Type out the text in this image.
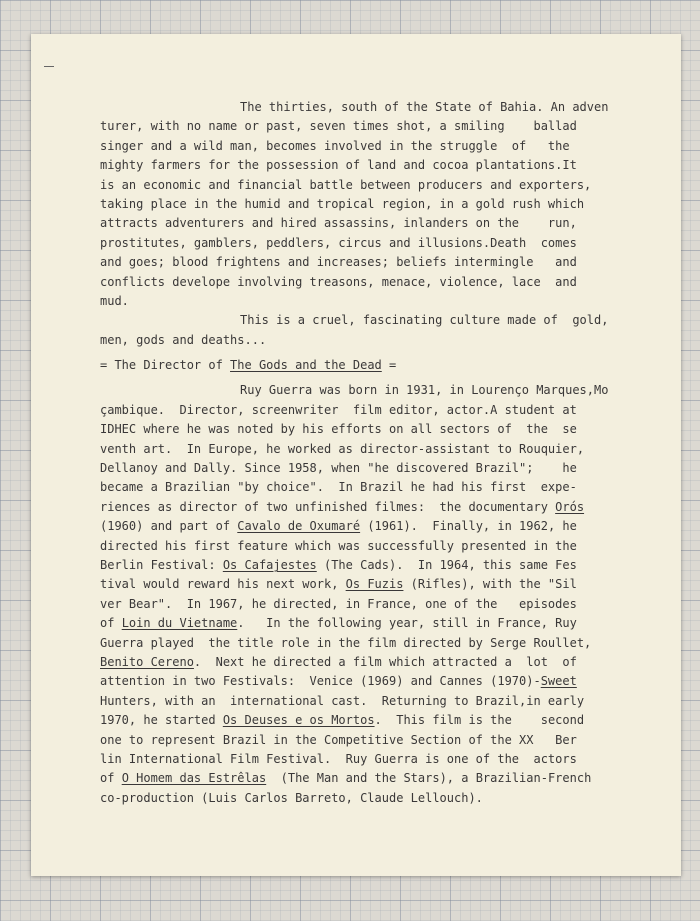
The thirties, south of the State of Bahia. An adven
turer, with no name or past, seven times shot, a smiling    ballad
singer and a wild man, becomes involved in the struggle  of   the
mighty farmers for the possession of land and cocoa plantations.It
is an economic and financial battle between producers and exporters,
taking place in the humid and tropical region, in a gold rush which
attracts adventurers and hired assassins, inlanders on the    run,
prostitutes, gamblers, peddlers, circus and illusions.Death  comes
and goes; blood frightens and increases; beliefs intermingle   and
conflicts develope involving treasons, menace, violence, lace  and
mud.
This is a cruel, fascinating culture made of  gold,
men, gods and deaths...
= The Director of The Gods and the Dead =
Ruy Guerra was born in 1931, in Lourenço Marques,Mo
çambique.  Director, screenwriter  film editor, actor.A student at
IDHEC where he was noted by his efforts on all sectors of  the  se
venth art.  In Europe, he worked as director-assistant to Rouquier,
Dellanoy and Dally. Since 1958, when "he discovered Brazil";    he
became a Brazilian "by choice".  In Brazil he had his first  expe-
riences as director of two unfinished filmes:  the documentary Orós
(1960) and part of Cavalo de Oxumaré (1961).  Finally, in 1962, he
directed his first feature which was successfully presented in the
Berlin Festival: Os Cafajestes (The Cads).  In 1964, this same Fes
tival would reward his next work, Os Fuzis (Rifles), with the "Sil
ver Bear".  In 1967, he directed, in France, one of the   episodes
of Loin du Vietname.   In the following year, still in France, Ruy
Guerra played  the title role in the film directed by Serge Roullet,
Benito Cereno.  Next he directed a film which attracted a  lot  of
attention in two Festivals:  Venice (1969) and Cannes (1970)-Sweet
Hunters, with an  international cast.  Returning to Brazil,in early
1970, he started Os Deuses e os Mortos.  This film is the    second
one to represent Brazil in the Competitive Section of the XX   Ber
lin International Film Festival.  Ruy Guerra is one of the  actors
of O Homem das Estrêlas  (The Man and the Stars), a Brazilian-French
co-production (Luis Carlos Barreto, Claude Lellouch).
